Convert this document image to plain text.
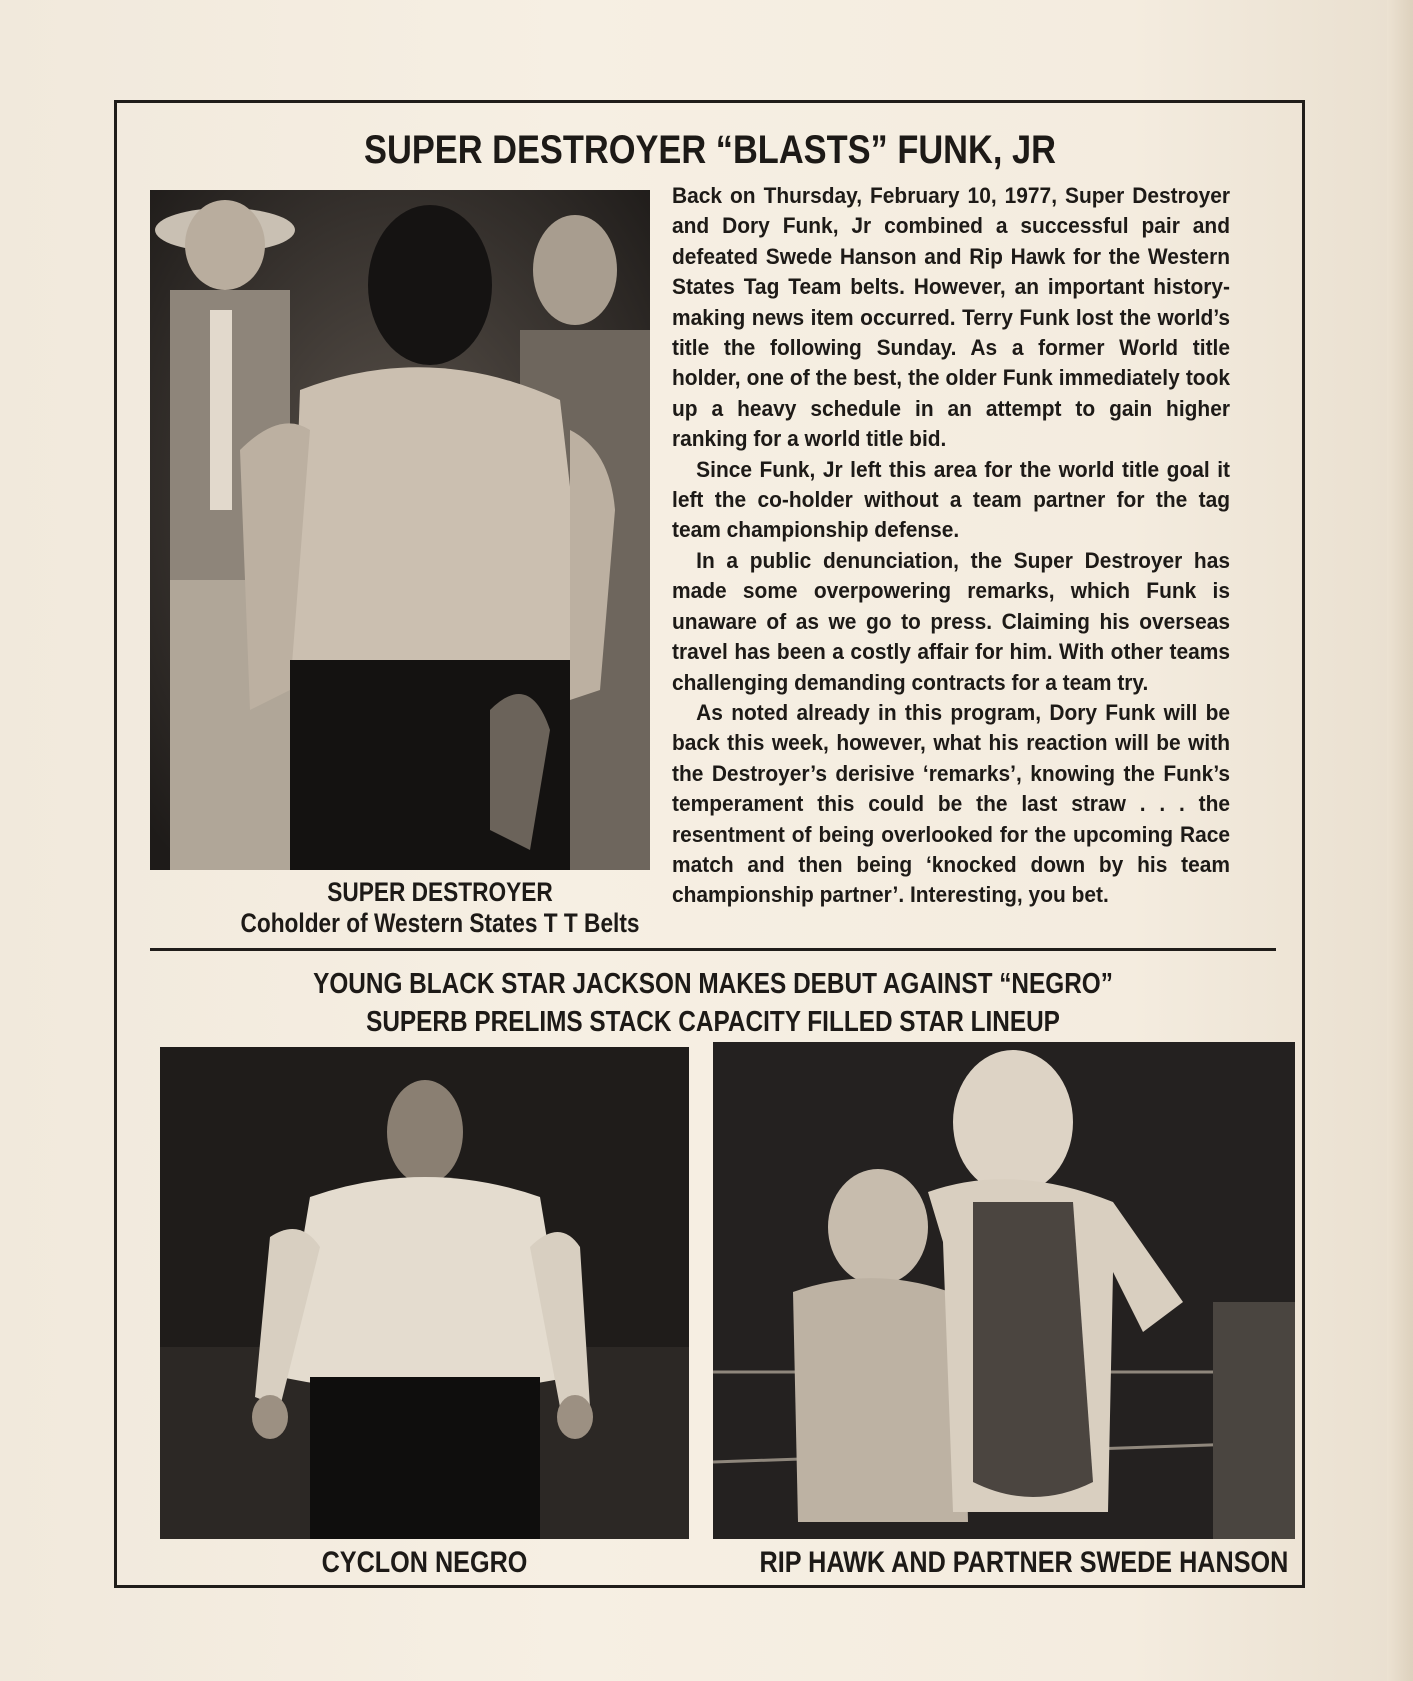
SUPER DESTROYER “BLASTS” FUNK, JR
SUPER DESTROYER
Coholder of Western States T T Belts

Back on Thursday, February 10, 1977, Super Destroyer and Dory Funk, Jr combined a successful pair and defeated Swede Hanson and Rip Hawk for the Western States Tag Team belts. However, an important history-making news item occurred. Terry Funk lost the world’s title the following Sunday. As a former World title holder, one of the best, the older Funk immediately took up a heavy schedule in an attempt to gain higher ranking for a world title bid.

Since Funk, Jr left this area for the world title goal it left the co-holder without a team partner for the tag team championship defense.

In a public denunciation, the Super Destroyer has made some overpowering remarks, which Funk is unaware of as we go to press. Claiming his overseas travel has been a costly affair for him. With other teams challenging demanding contracts for a team try.

As noted already in this program, Dory Funk will be back this week, however, what his reaction will be with the Destroyer’s derisive ‘remarks’, knowing the Funk’s temperament this could be the last straw . . . the resentment of being overlooked for the upcoming Race match and then being ‘knocked down by his team championship partner’. Interesting, you bet.

YOUNG BLACK STAR JACKSON MAKES DEBUT AGAINST “NEGRO”
SUPERB PRELIMS STACK CAPACITY FILLED STAR LINEUP
CYCLON NEGRO	RIP HAWK AND PARTNER SWEDE HANSON
